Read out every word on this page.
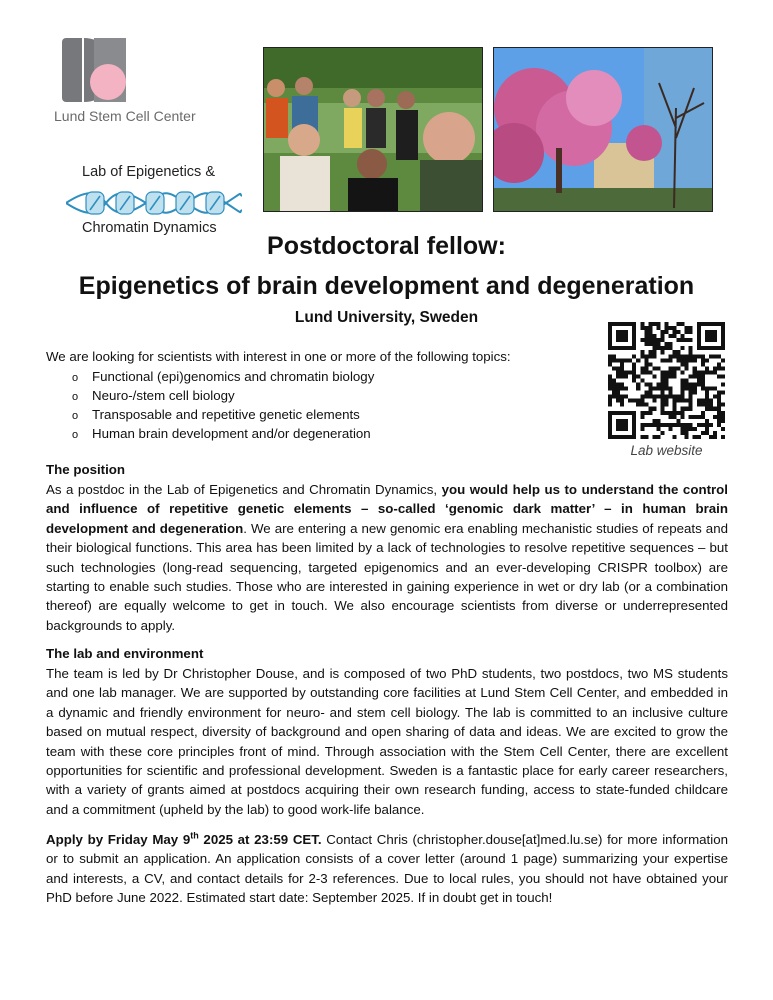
Lund Stem Cell Center
Lab of Epigenetics &
Chromatin Dynamics
Postdoctoral fellow:
Epigenetics of brain development and degeneration
Lund University, Sweden
Lab website
We are looking for scientists with interest in one or more of the following topics:
o Functional (epi)genomics and chromatin biology
o Neuro-/stem cell biology
o Transposable and repetitive genetic elements
o Human brain development and/or degeneration
The position
As a postdoc in the Lab of Epigenetics and Chromatin Dynamics, you would help us to understand the control and influence of repetitive genetic elements – so-called ‘genomic dark matter’ – in human brain development and degeneration. We are entering a new genomic era enabling mechanistic studies of repeats and their biological functions. This area has been limited by a lack of technologies to resolve repetitive sequences – but such technologies (long-read sequencing, targeted epigenomics and an ever-developing CRISPR toolbox) are starting to enable such studies. Those who are interested in gaining experience in wet or dry lab (or a combination thereof) are equally welcome to get in touch. We also encourage scientists from diverse or underrepresented backgrounds to apply.
The lab and environment
The team is led by Dr Christopher Douse, and is composed of two PhD students, two postdocs, two MS students and one lab manager. We are supported by outstanding core facilities at Lund Stem Cell Center, and embedded in a dynamic and friendly environment for neuro- and stem cell biology. The lab is committed to an inclusive culture based on mutual respect, diversity of background and open sharing of data and ideas. We are excited to grow the team with these core principles front of mind. Through association with the Stem Cell Center, there are excellent opportunities for scientific and professional development. Sweden is a fantastic place for early career researchers, with a variety of grants aimed at postdocs acquiring their own research funding, access to state-funded childcare and a commitment (upheld by the lab) to good work-life balance.
Apply by Friday May 9th 2025 at 23:59 CET. Contact Chris (christopher.douse[at]med.lu.se) for more information or to submit an application. An application consists of a cover letter (around 1 page) summarizing your expertise and interests, a CV, and contact details for 2-3 references. Due to local rules, you should not have obtained your PhD before June 2022. Estimated start date: September 2025. If in doubt get in touch!
